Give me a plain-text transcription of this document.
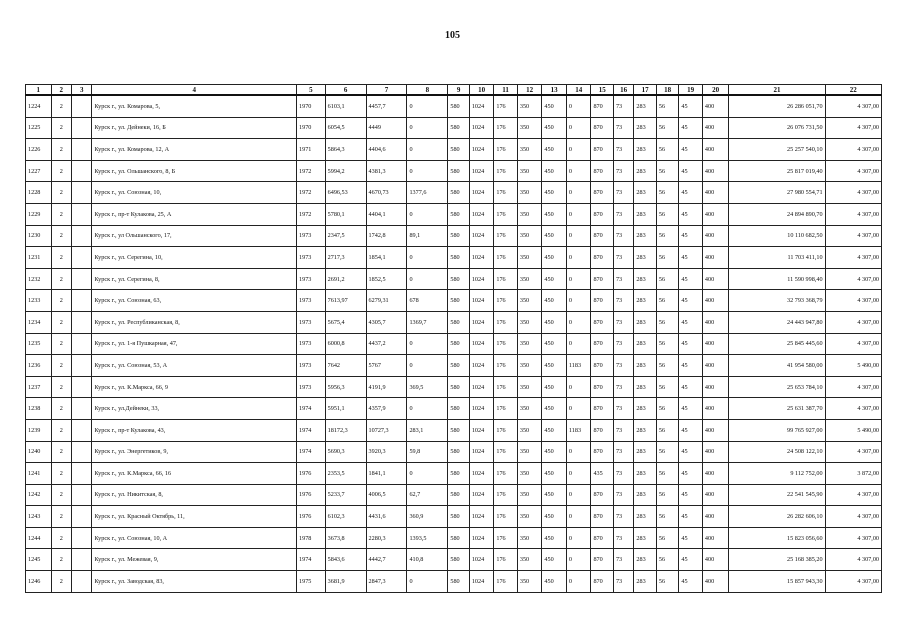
105
1	2	3	4	5	6	7	8	9	10	11	12	13	14	15	16	17	18	19	20	21	22
1224	2		Курск г., ул. Комарова, 5,	1970	6103,1	4457,7	0	580	1024	176	350	450	0	870	73	283	56	45	400	26 286 051,70	4 307,00
1225	2		Курск г., ул. Дейнеки, 16, Б	1970	6054,5	4449	0	580	1024	176	350	450	0	870	73	283	56	45	400	26 076 731,50	4 307,00
1226	2		Курск г., ул. Комарова, 12, А	1971	5864,3	4404,6	0	580	1024	176	350	450	0	870	73	283	56	45	400	25 257 540,10	4 307,00
1227	2		Курск г., ул. Ольшанского, 8, Б	1972	5994,2	4381,3	0	580	1024	176	350	450	0	870	73	283	56	45	400	25 817 019,40	4 307,00
1228	2		Курск г., ул. Союзная, 10,	1972	6496,53	4670,73	1377,6	580	1024	176	350	450	0	870	73	283	56	45	400	27 980 554,71	4 307,00
1229	2		Курск г., пр-т Кулакова, 25, А	1972	5780,1	4404,1	0	580	1024	176	350	450	0	870	73	283	56	45	400	24 894 890,70	4 307,00
1230	2		Курск г., ул Ольшанского, 17,	1973	2347,5	1742,8	89,1	580	1024	176	350	450	0	870	73	283	56	45	400	10 110 682,50	4 307,00
1231	2		Курск г., ул. Серегина, 10,	1973	2717,3	1854,1	0	580	1024	176	350	450	0	870	73	283	56	45	400	11 703 411,10	4 307,00
1232	2		Курск г., ул. Серегина, 8,	1973	2691,2	1852,5	0	580	1024	176	350	450	0	870	73	283	56	45	400	11 590 998,40	4 307,00
1233	2		Курск г., ул. Союзная, 63,	1973	7613,97	6279,31	678	580	1024	176	350	450	0	870	73	283	56	45	400	32 793 368,79	4 307,00
1234	2		Курск г., ул. Республиканская, 8,	1973	5675,4	4305,7	1369,7	580	1024	176	350	450	0	870	73	283	56	45	400	24 443 947,80	4 307,00
1235	2		Курск г., ул. 1-я Пушкарная, 47,	1973	6000,8	4437,2	0	580	1024	176	350	450	0	870	73	283	56	45	400	25 845 445,60	4 307,00
1236	2		Курск г., ул. Союзная, 53, А	1973	7642	5767	0	580	1024	176	350	450	1183	870	73	283	56	45	400	41 954 580,00	5 490,00
1237	2		Курск г., ул. К.Маркса, 66, 9	1973	5956,3	4191,9	369,5	580	1024	176	350	450	0	870	73	283	56	45	400	25 653 784,10	4 307,00
1238	2		Курск г., ул.Дейнеки, 33,	1974	5951,1	4357,9	0	580	1024	176	350	450	0	870	73	283	56	45	400	25 631 387,70	4 307,00
1239	2		Курск г., пр-т Кулакова, 43,	1974	18172,3	10727,3	283,1	580	1024	176	350	450	1183	870	73	283	56	45	400	99 765 927,00	5 490,00
1240	2		Курск г., ул. Энергетиков, 9,	1974	5690,3	3920,3	59,8	580	1024	176	350	450	0	870	73	283	56	45	400	24 508 122,10	4 307,00
1241	2		Курск г., ул. К.Маркса, 66, 16	1976	2353,5	1841,1	0	580	1024	176	350	450	0	435	73	283	56	45	400	9 112 752,00	3 872,00
1242	2		Курск г., ул. Никитская, 8,	1976	5233,7	4006,5	62,7	580	1024	176	350	450	0	870	73	283	56	45	400	22 541 545,90	4 307,00
1243	2		Курск г., ул. Красный Октябрь, 11,	1976	6102,3	4431,6	360,9	580	1024	176	350	450	0	870	73	283	56	45	400	26 282 606,10	4 307,00
1244	2		Курск г., ул. Союзная, 10, А	1978	3673,8	2280,3	1393,5	580	1024	176	350	450	0	870	73	283	56	45	400	15 823 056,60	4 307,00
1245	2		Курск г., ул. Межевая, 9,	1974	5843,6	4442,7	410,8	580	1024	176	350	450	0	870	73	283	56	45	400	25 168 385,20	4 307,00
1246	2		Курск г., ул. Заводская, 83,	1975	3681,9	2847,3	0	580	1024	176	350	450	0	870	73	283	56	45	400	15 857 943,30	4 307,00
